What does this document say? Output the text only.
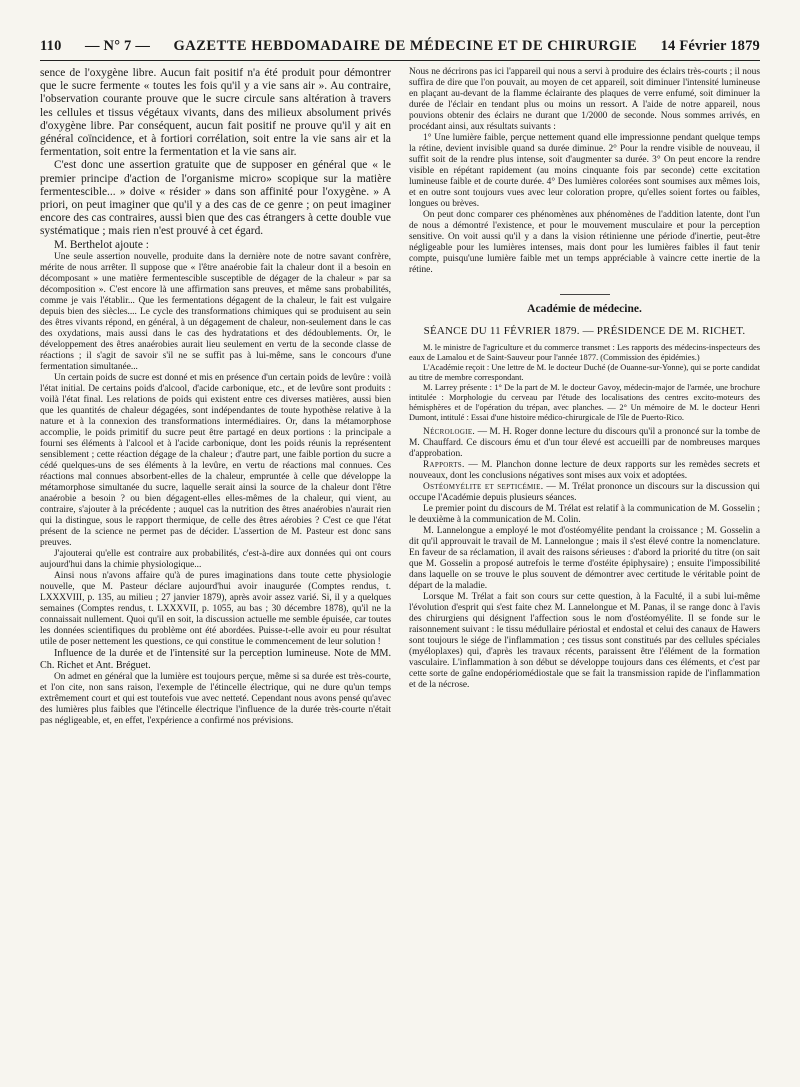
110 — N° 7 — GAZETTE HEBDOMADAIRE DE MÉDECINE ET DE CHIRURGIE 14 Février 1879

sence de l'oxygène libre. Aucun fait positif n'a été produit pour démontrer que le sucre fermente « toutes les fois qu'il y a vie sans air ». Au contraire, l'observation courante prouve que le sucre circule sans altération à travers les cellules et tissus végétaux vivants, dans des milieux absolument privés d'oxygène libre. Par conséquent, aucun fait positif ne prouve qu'il y ait en général coïncidence, et à fortiori corrélation, soit entre la vie sans air et la fermentation, soit entre la fermentation et la vie sans air.

C'est donc une assertion gratuite que de supposer en général que « le premier principe d'action de l'organisme micro» scopique sur la matière fermentescible... » doive « résider » dans son affinité pour l'oxygène. » A priori, on peut imaginer que qu'il y a des cas de ce genre ; on peut imaginer encore des cas contraires, aussi bien que des cas étrangers à cette double vue systématique ; mais rien n'est prouvé à cet égard.

M. Berthelot ajoute :

Une seule assertion nouvelle, produite dans la dernière note de notre savant confrère, mérite de nous arrêter. Il suppose que « l'être anaérobie fait la chaleur dont il a besoin en décomposant » une matière fermentescible susceptible de dégager de la chaleur » par sa décomposition ». C'est encore là une affirmation sans preuves, et même sans probabilités, comme je vais l'établir... Que les fermentations dégagent de la chaleur, le fait est vulgaire depuis bien des siècles.... Le cycle des transformations chimiques qui se produisent au sein des êtres vivants répond, en général, à un dégagement de chaleur, non-seulement dans le cas des oxydations, mais aussi dans le cas des hydratations et des dédoublements. Or, le développement des êtres anaérobies aurait lieu seulement en vertu de la seconde classe de réactions ; il s'agit de savoir s'il ne se suffit pas à lui-même, sans le concours d'une fermentation simultanée...

Un certain poids de sucre est donné et mis en présence d'un certain poids de levûre : voilà l'état initial. De certains poids d'alcool, d'acide carbonique, etc., et de levûre sont produits : voilà l'état final. Les relations de poids qui existent entre ces diverses matières, aussi bien que les quantités de chaleur dégagées, sont indépendantes de toute hypothèse relative à la nature et à la connexion des transformations intermédiaires. Or, dans la métamorphose accomplie, le poids primitif du sucre peut être partagé en deux portions : la principale a fourni ses éléments à l'alcool et à l'acide carbonique, dont les poids réunis la représentent sensiblement ; cette réaction dégage de la chaleur ; d'autre part, une faible portion du sucre a cédé quelques-uns de ses éléments à la levûre, en vertu de réactions mal connues. Ces réactions mal connues absorbent-elles de la chaleur, empruntée à celle que développe la métamorphose simultanée du sucre, laquelle serait ainsi la source de la chaleur dont l'être anaérobie a besoin ? ou bien dégagent-elles elles-mêmes de la chaleur, qui vient, au contraire, s'ajouter à la précédente ; auquel cas la nutrition des êtres anaérobies n'aurait rien qui la distingue, sous le rapport thermique, de celle des êtres aérobies ? C'est ce que l'état présent de la science ne permet pas de décider. L'assertion de M. Pasteur est donc sans preuves.

J'ajouterai qu'elle est contraire aux probabilités, c'est-à-dire aux données qui ont cours aujourd'hui dans la chimie physiologique...

Ainsi nous n'avons affaire qu'à de pures imaginations dans toute cette physiologie nouvelle, que M. Pasteur déclare aujourd'hui avoir inaugurée (Comptes rendus, t. LXXXVIII, p. 135, au milieu ; 27 janvier 1879), après avoir assez varié. Si, il y a quelques semaines (Comptes rendus, t. LXXXVII, p. 1055, au bas ; 30 décembre 1878), qu'il ne la connaissait nullement. Quoi qu'il en soit, la discussion actuelle me semble épuisée, car toutes les données scientifiques du problème ont été abordées. Puisse-t-elle avoir eu pour résultat utile de poser nettement les questions, ce qui constitue le commencement de leur solution !

Influence de la durée et de l'intensité sur la perception lumineuse. Note de MM. Ch. Richet et Ant. Bréguet.

On admet en général que la lumière est toujours perçue, même si sa durée est très-courte, et l'on cite, non sans raison, l'exemple de l'étincelle électrique, qui ne dure qu'un temps extrêmement court et qui est toutefois vue avec netteté. Cependant nous avons pensé qu'avec des lumières plus faibles que l'étincelle électrique l'influence de la durée très-courte n'était pas négligeable, et, en effet, l'expérience a confirmé nos prévisions.

Nous ne décrirons pas ici l'appareil qui nous a servi à produire des éclairs très-courts ; il nous suffira de dire que l'on pouvait, au moyen de cet appareil, soit diminuer l'intensité lumineuse en plaçant au-devant de la flamme éclairante des plaques de verre enfumé, soit diminuer la durée de l'éclair en tendant plus ou moins un ressort. A l'aide de notre appareil, nous pouvions obtenir des éclairs ne durant que 1/2000 de seconde. Nous sommes arrivés, en procédant ainsi, aux résultats suivants :

1° Une lumière faible, perçue nettement quand elle impressionne pendant quelque temps la rétine, devient invisible quand sa durée diminue. 2° Pour la rendre visible de nouveau, il suffit soit de la rendre plus intense, soit d'augmenter sa durée. 3° On peut encore la rendre visible en répétant rapidement (au moins cinquante fois par seconde) cette excitation lumineuse faible et de courte durée. 4° Des lumières colorées sont soumises aux mêmes lois, et en outre sont toujours vues avec leur coloration propre, qu'elles soient fortes ou faibles, longues ou brèves.

On peut donc comparer ces phénomènes aux phénomènes de l'addition latente, dont l'un de nous a démontré l'existence, et pour le mouvement musculaire et pour la perception sensitive. On voit aussi qu'il y a dans la vision rétinienne une période d'inertie, peut-être négligeable pour les lumières intenses, mais dont pour les lumières faibles il faut tenir compte, puisqu'une lumière faible met un temps appréciable à vaincre cette inertie de la rétine.

Académie de médecine.
SÉANCE DU 11 FÉVRIER 1879. — PRÉSIDENCE DE M. RICHET.

M. le ministre de l'agriculture et du commerce transmet : Les rapports des médecins-inspecteurs des eaux de Lamalou et de Saint-Sauveur pour l'année 1877. (Commission des épidémies.)

L'Académie reçoit : Une lettre de M. le docteur Duché (de Ouanne-sur-Yonne), qui se porte candidat au titre de membre correspondant.

M. Larrey présente : 1° De la part de M. le docteur Gavoy, médecin-major de l'armée, une brochure intitulée : Morphologie du cerveau par l'étude des localisations des centres excito-moteurs des hémisphères et de l'opération du trépan, avec planches. — 2° Un mémoire de M. le docteur Henri Dumont, intitulé : Essai d'une histoire médico-chirurgicale de l'île de Puerto-Rico.

Nécrologie. — M. H. Roger donne lecture du discours qu'il a prononcé sur la tombe de M. Chauffard. Ce discours ému et d'un tour élevé est accueilli par de nombreuses marques d'approbation.

Rapports. — M. Planchon donne lecture de deux rapports sur les remèdes secrets et nouveaux, dont les conclusions négatives sont mises aux voix et adoptées.

Ostéomyélite et septicémie. — M. Trélat prononce un discours sur la discussion qui occupe l'Académie depuis plusieurs séances.

Le premier point du discours de M. Trélat est relatif à la communication de M. Gosselin ; le deuxième à la communication de M. Colin.

M. Lannelongue a employé le mot d'ostéomyélite pendant la croissance ; M. Gosselin a dit qu'il approuvait le travail de M. Lannelongue ; mais il s'est élevé contre la nomenclature. En faveur de sa réclamation, il avait des raisons sérieuses : d'abord la priorité du titre (on sait que M. Gosselin a proposé autrefois le terme d'ostéite épiphysaire) ; ensuite l'impossibilité dans laquelle on se trouve le plus souvent de démontrer avec certitude le véritable point de départ de la maladie.

Lorsque M. Trélat a fait son cours sur cette question, à la Faculté, il a subi lui-même l'évolution d'esprit qui s'est faite chez M. Lannelongue et M. Panas, il se range donc à l'avis des chirurgiens qui désignent l'affection sous le nom d'ostéomyélite. Il se fonde sur le raisonnement suivant : le tissu médullaire périostal et endostal et celui des canaux de Hawers sont toujours le siége de l'inflammation ; ces tissus sont constitués par des cellules spéciales (myéloplaxes) qui, d'après les travaux récents, paraissent être l'élément de la formation vasculaire. L'inflammation à son début se développe toujours dans ces éléments, et c'est par cette sorte de gaîne endopériomédiostale que se fait la transmission rapide de l'inflammation et de la nécrose.
